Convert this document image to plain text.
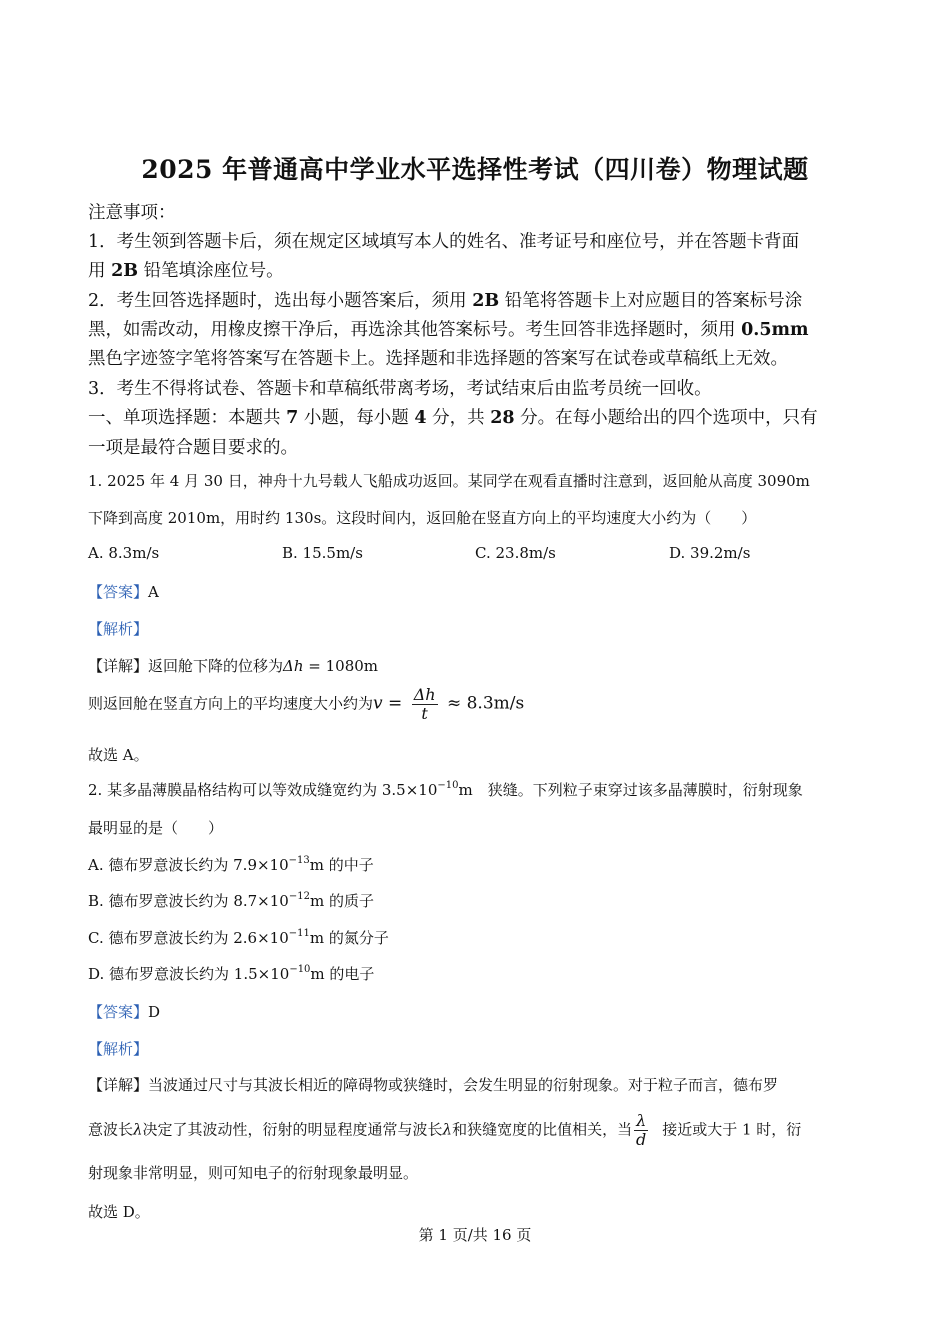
2025 年普通高中学业水平选择性考试（四川卷）物理试题
注意事项：
1．考生领到答题卡后，须在规定区域填写本人的姓名、准考证号和座位号，并在答题卡背面
用 2B 铅笔填涂座位号。
2．考生回答选择题时，选出每小题答案后，须用 2B 铅笔将答题卡上对应题目的答案标号涂
黑，如需改动，用橡皮擦干净后，再选涂其他答案标号。考生回答非选择题时，须用 0.5mm
黑色字迹签字笔将答案写在答题卡上。选择题和非选择题的答案写在试卷或草稿纸上无效。
3．考生不得将试卷、答题卡和草稿纸带离考场，考试结束后由监考员统一回收。
一、单项选择题：本题共 7 小题，每小题 4 分，共 28 分。在每小题给出的四个选项中，只有
一项是最符合题目要求的。
1. 2025 年 4 月 30 日，神舟十九号载人飞船成功返回。某同学在观看直播时注意到，返回舱从高度 3090m
下降到高度 2010m，用时约 130s。这段时间内，返回舱在竖直方向上的平均速度大小约为（　　）
A. 8.3m/s	B. 15.5m/s	C. 23.8m/s	D. 39.2m/s
【答案】A
【解析】
【详解】返回舱下降的位移为Δh = 1080m
则返回舱在竖直方向上的平均速度大小约为$v = \frac{\Delta h}{t} \approx 8.3m/s$
故选 A。
2. 某多晶薄膜晶格结构可以等效成缝宽约为 $3.5\times 10^{-10}m$　狭缝。下列粒子束穿过该多晶薄膜时，衍射现象
最明显的是（　　）
A. 德布罗意波长约为 $7.9\times 10^{-13}m$ 的中子
B. 德布罗意波长约为 $8.7\times 10^{-12}m$ 的质子
C. 德布罗意波长约为 $2.6\times 10^{-11}m$ 的氮分子
D. 德布罗意波长约为 $1.5\times 10^{-10}m$ 的电子
【答案】D
【解析】
【详解】当波通过尺寸与其波长相近的障碍物或狭缝时，会发生明显的衍射现象。对于粒子而言，德布罗
意波长λ决定了其波动性，衍射的明显程度通常与波长λ和狭缝宽度的比值相关，当 $\frac{\lambda}{d}$ 接近或大于 1 时，衍
射现象非常明显，则可知电子的衍射现象最明显。
故选 D。
第 1 页/共 16 页
